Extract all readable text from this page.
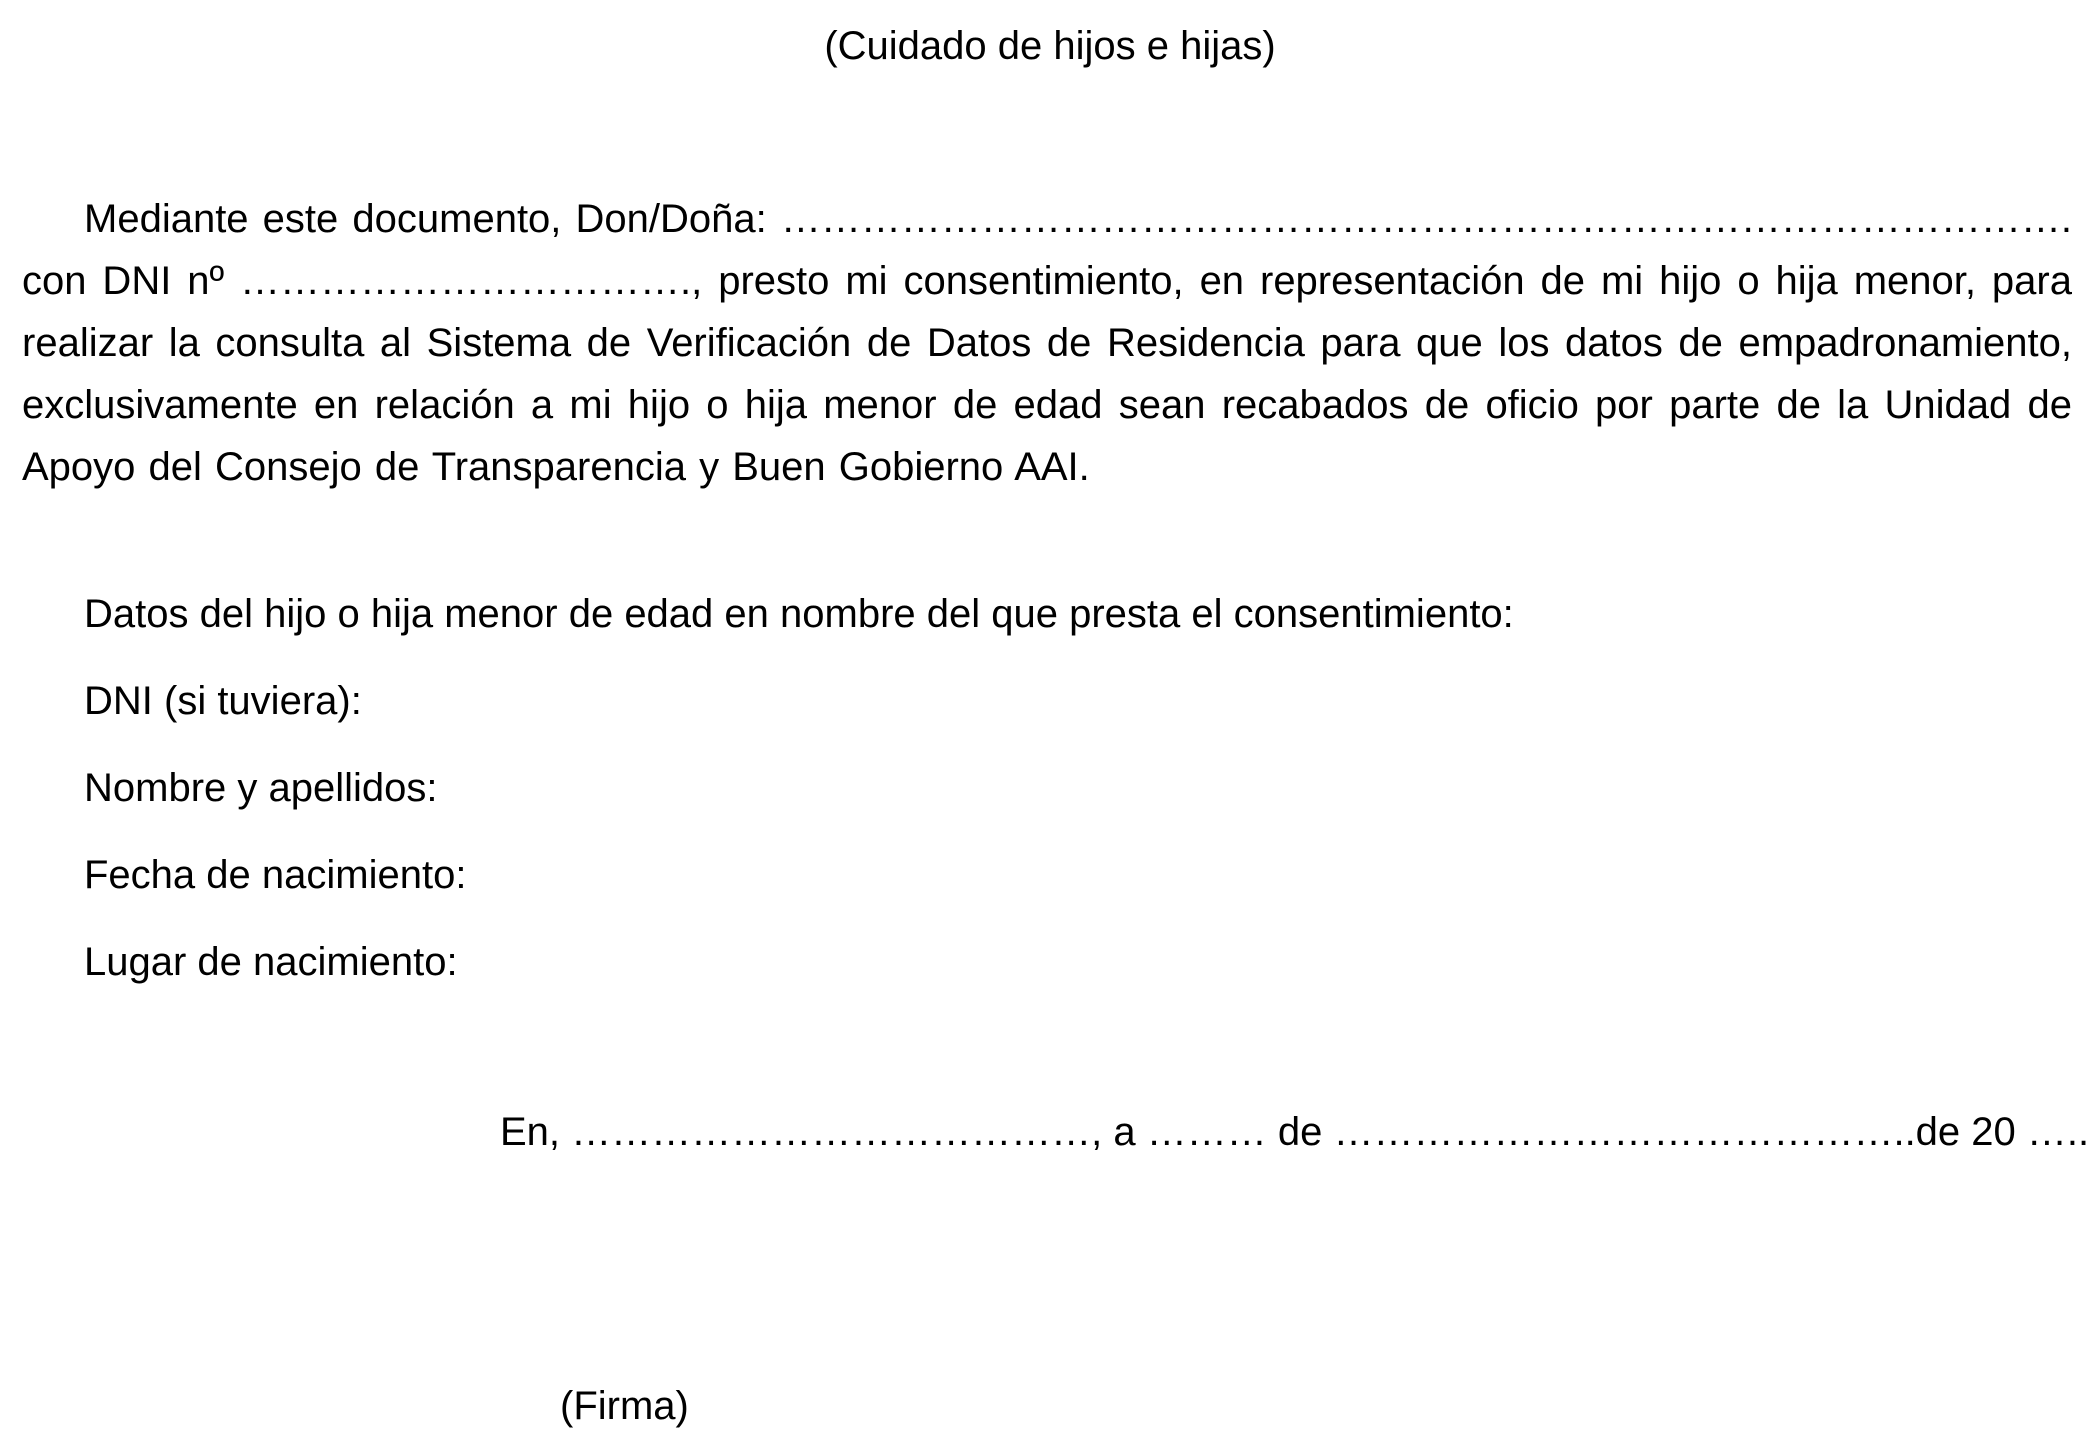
(Cuidado de hijos e hijas)

Mediante este documento, Don/Doña: ……………………………………………………………………………………. con DNI nº ……………………………., presto mi consentimiento, en representación de mi hijo o hija menor, para realizar la consulta al Sistema de Verificación de Datos de Residencia para que los datos de empadronamiento, exclusivamente en relación a mi hijo o hija menor de edad sean recabados de oficio por parte de la Unidad de Apoyo del Consejo de Transparencia y Buen Gobierno AAI.

Datos del hijo o hija menor de edad en nombre del que presta el consentimiento:

DNI (si tuviera):

Nombre y apellidos:

Fecha de nacimiento:

Lugar de nacimiento:

En, …………………………………, a ……… de ……………………………………..de 20 …..

(Firma)
